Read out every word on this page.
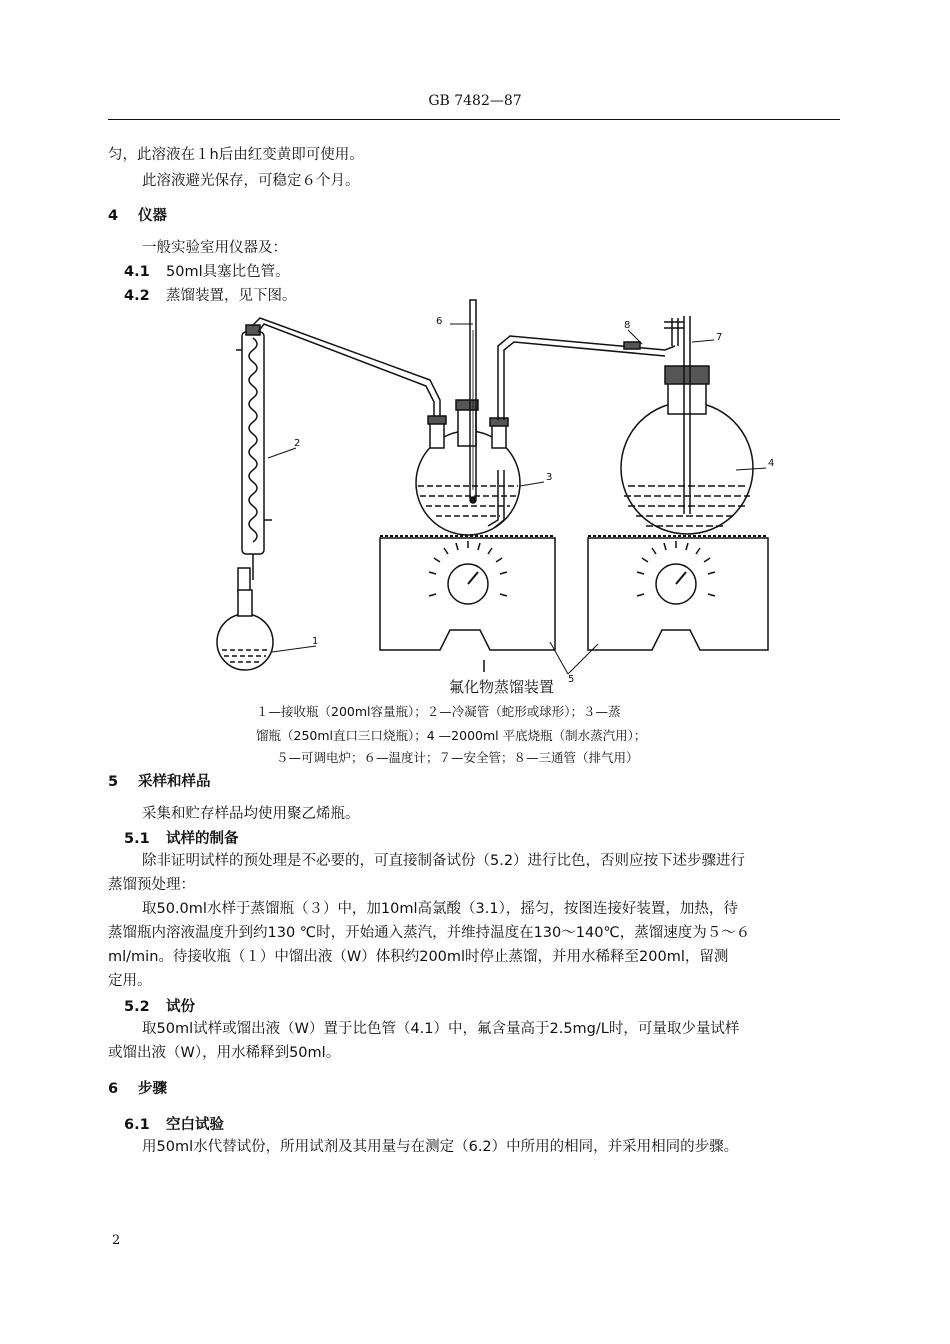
GB 7482—87
匀，此溶液在１h后由红变黄即可使用。
此溶液避光保存，可稳定６个月。
4 仪器
一般实验室用仪器及：
4.1 50ml具塞比色管。
4.2 蒸馏装置，见下图。
1
2
3
4
5
6
7
8
氟化物蒸馏装置
１—接收瓶（200ml容量瓶）；２—冷凝管（蛇形或球形）；３—蒸
馏瓶（250ml直口三口烧瓶）；4 —2000ml 平底烧瓶（制水蒸汽用）；
５—可调电炉；６—温度计；７—安全管；８—三通管（排气用）
5 采样和样品
采集和贮存样品均使用聚乙烯瓶。
5.1 试样的制备
除非证明试样的预处理是不必要的，可直接制备试份（5.2）进行比色，否则应按下述步骤进行
蒸馏预处理：
取50.0ml水样于蒸馏瓶（３）中，加10ml高氯酸（3.1），摇匀，按图连接好装置，加热，待
蒸馏瓶内溶液温度升到约130 ℃时，开始通入蒸汽，并维持温度在130～140℃，蒸馏速度为５～６
ml/min。待接收瓶（１）中馏出液（W）体积约200ml时停止蒸馏，并用水稀释至200ml，留测
定用。
5.2 试份
取50ml试样或馏出液（W）置于比色管（4.1）中，氟含量高于2.5mg/L时，可量取少量试样
或馏出液（W），用水稀释到50ml。
6 步骤
6.1 空白试验
用50ml水代替试份，所用试剂及其用量与在测定（6.2）中所用的相同，并采用相同的步骤。
2
